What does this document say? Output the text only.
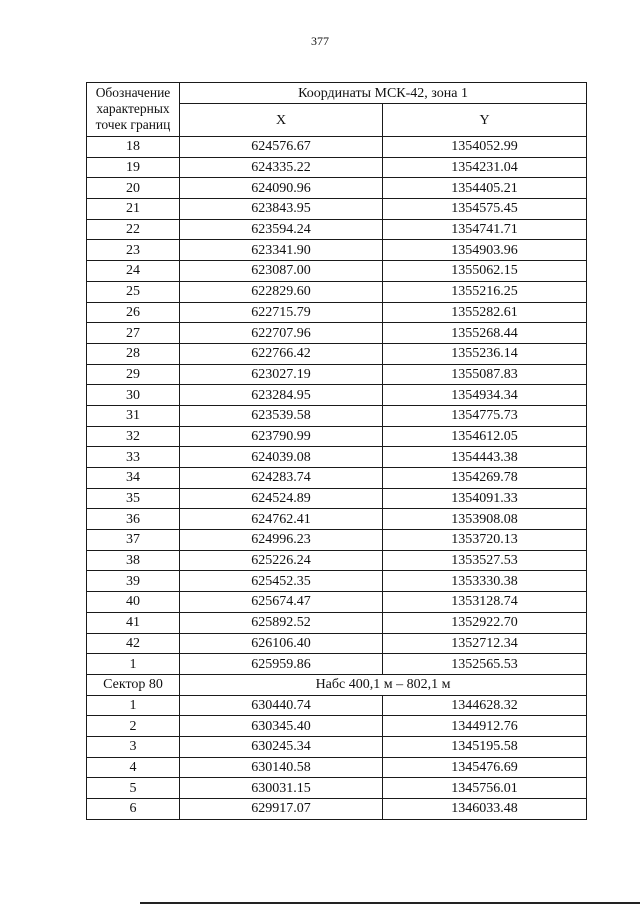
377
Обозначение
характерных
точек границ	Координаты МСК-42, зона 1	
	X	Y
18	624576.67	1354052.99
19	624335.22	1354231.04
20	624090.96	1354405.21
21	623843.95	1354575.45
22	623594.24	1354741.71
23	623341.90	1354903.96
24	623087.00	1355062.15
25	622829.60	1355216.25
26	622715.79	1355282.61
27	622707.96	1355268.44
28	622766.42	1355236.14
29	623027.19	1355087.83
30	623284.95	1354934.34
31	623539.58	1354775.73
32	623790.99	1354612.05
33	624039.08	1354443.38
34	624283.74	1354269.78
35	624524.89	1354091.33
36	624762.41	1353908.08
37	624996.23	1353720.13
38	625226.24	1353527.53
39	625452.35	1353330.38
40	625674.47	1353128.74
41	625892.52	1352922.70
42	626106.40	1352712.34
1	625959.86	1352565.53
Сектор 80	Набс 400,1 м – 802,1 м	
1	630440.74	1344628.32
2	630345.40	1344912.76
3	630245.34	1345195.58
4	630140.58	1345476.69
5	630031.15	1345756.01
6	629917.07	1346033.48
